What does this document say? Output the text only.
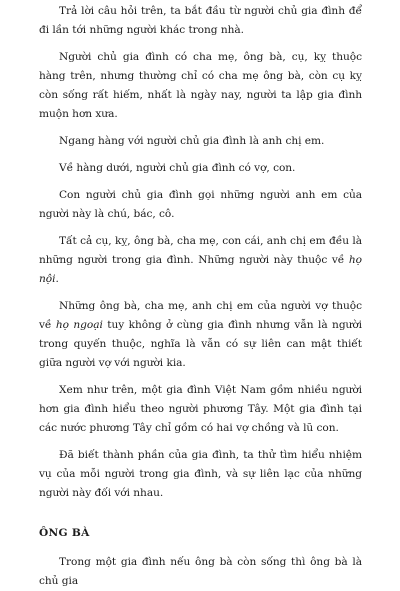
Trả lời câu hỏi trên, ta bắt đầu từ người chủ gia đình để đi lần tới những người khác trong nhà.

Người chủ gia đình có cha mẹ, ông bà, cụ, kỵ thuộc hàng trên, nhưng thường chỉ có cha mẹ ông bà, còn cụ kỵ còn sống rất hiếm, nhất là ngày nay, người ta lập gia đình muộn hơn xưa.

Ngang hàng với người chủ gia đình là anh chị em.

Về hàng dưới, người chủ gia đình có vợ, con.

Con người chủ gia đình gọi những người anh em của người này là chú, bác, cô.

Tất cả cụ, kỵ, ông bà, cha mẹ, con cái, anh chị em đều là những người trong gia đình. Những người này thuộc về họ nội.

Những ông bà, cha mẹ, anh chị em của người vợ thuộc về họ ngoại tuy không ở cùng gia đình nhưng vẫn là người trong quyến thuộc, nghĩa là vẫn có sự liên can mật thiết giữa người vợ với người kia.

Xem như trên, một gia đình Việt Nam gồm nhiều người hơn gia đình hiểu theo người phương Tây. Một gia đình tại các nước phương Tây chỉ gồm có hai vợ chồng và lũ con.

Đã biết thành phần của gia đình, ta thử tìm hiểu nhiệm vụ của mỗi người trong gia đình, và sự liên lạc của những người này đối với nhau.

ÔNG BÀ

Trong một gia đình nếu ông bà còn sống thì ông bà là chủ gia
